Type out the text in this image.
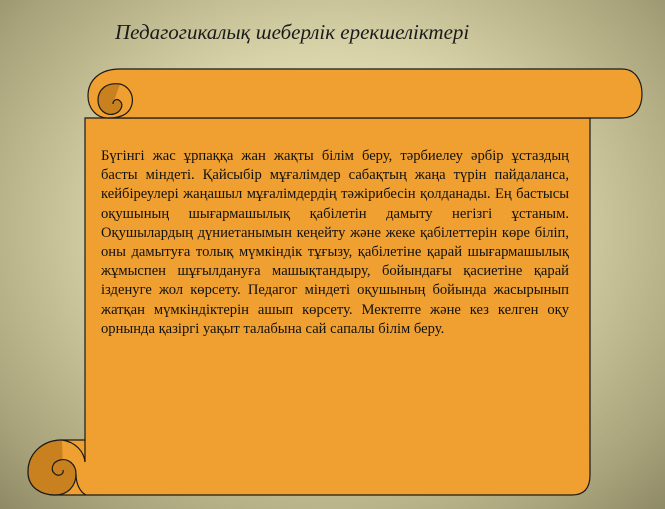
Педагогикалық шеберлік ерекшеліктері

Бүгінгі жас ұрпаққа жан жақты білім беру, тәрбиелеу әрбір ұстаздың басты міндеті. Қайсыбір мұғалімдер сабақтың жаңа түрін пайдаланса, кейбіреулері жаңашыл мұғалімдердің тәжірибесін қолданады. Ең бастысы оқушының шығармашылық қабілетін дамыту негізгі ұстаным. Оқушылардың дүниетанымын кеңейту және жеке қабілеттерін көре біліп, оны дамытуға толық мүмкіндік тұғызу, қабілетіне қарай шығармашылық жұмыспен шұғылдануға машықтандыру, бойындағы қасиетіне қарай ізденуге жол көрсету. Педагог міндеті оқушының бойында жасырынып жатқан мүмкіндіктерін ашып көрсету. Мектепте және кез келген оқу орнында қазіргі уақыт талабына сай сапалы білім беру.
